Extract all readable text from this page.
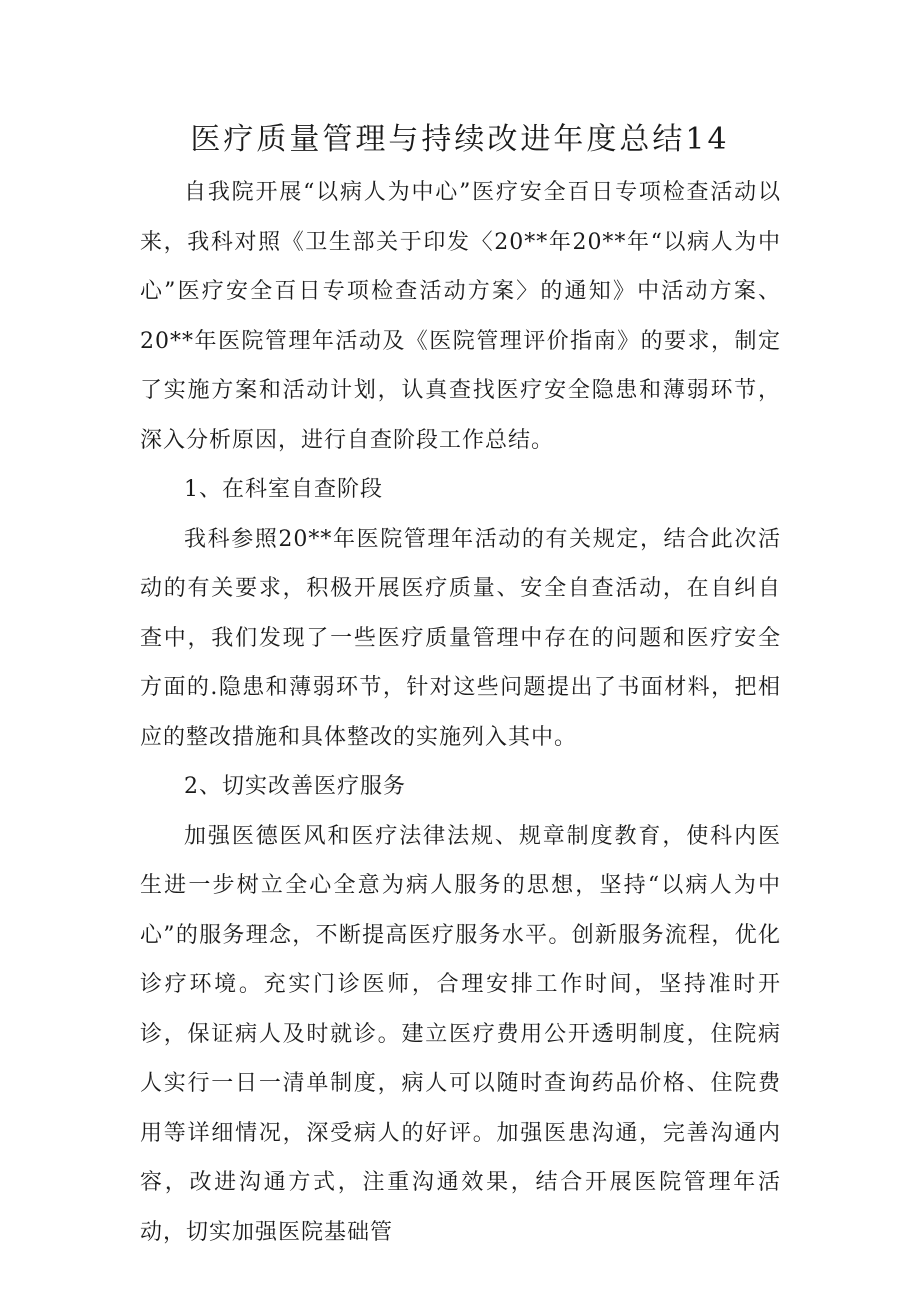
医疗质量管理与持续改进年度总结14

自我院开展“以病人为中心”医疗安全百日专项检查活动以来，我科对照《卫生部关于印发〈20**年20**年“以病人为中心”医疗安全百日专项检查活动方案〉的通知》中活动方案、20**年医院管理年活动及《医院管理评价指南》的要求，制定了实施方案和活动计划，认真查找医疗安全隐患和薄弱环节，深入分析原因，进行自查阶段工作总结。

1、在科室自查阶段

我科参照20**年医院管理年活动的有关规定，结合此次活动的有关要求，积极开展医疗质量、安全自查活动，在自纠自查中，我们发现了一些医疗质量管理中存在的问题和医疗安全方面的.隐患和薄弱环节，针对这些问题提出了书面材料，把相应的整改措施和具体整改的实施列入其中。

2、切实改善医疗服务

加强医德医风和医疗法律法规、规章制度教育，使科内医生进一步树立全心全意为病人服务的思想，坚持“以病人为中心”的服务理念，不断提高医疗服务水平。创新服务流程，优化诊疗环境。充实门诊医师，合理安排工作时间，坚持准时开诊，保证病人及时就诊。建立医疗费用公开透明制度，住院病人实行一日一清单制度，病人可以随时查询药品价格、住院费用等详细情况，深受病人的好评。加强医患沟通，完善沟通内容，改进沟通方式，注重沟通效果，结合开展医院管理年活动，切实加强医院基础管
